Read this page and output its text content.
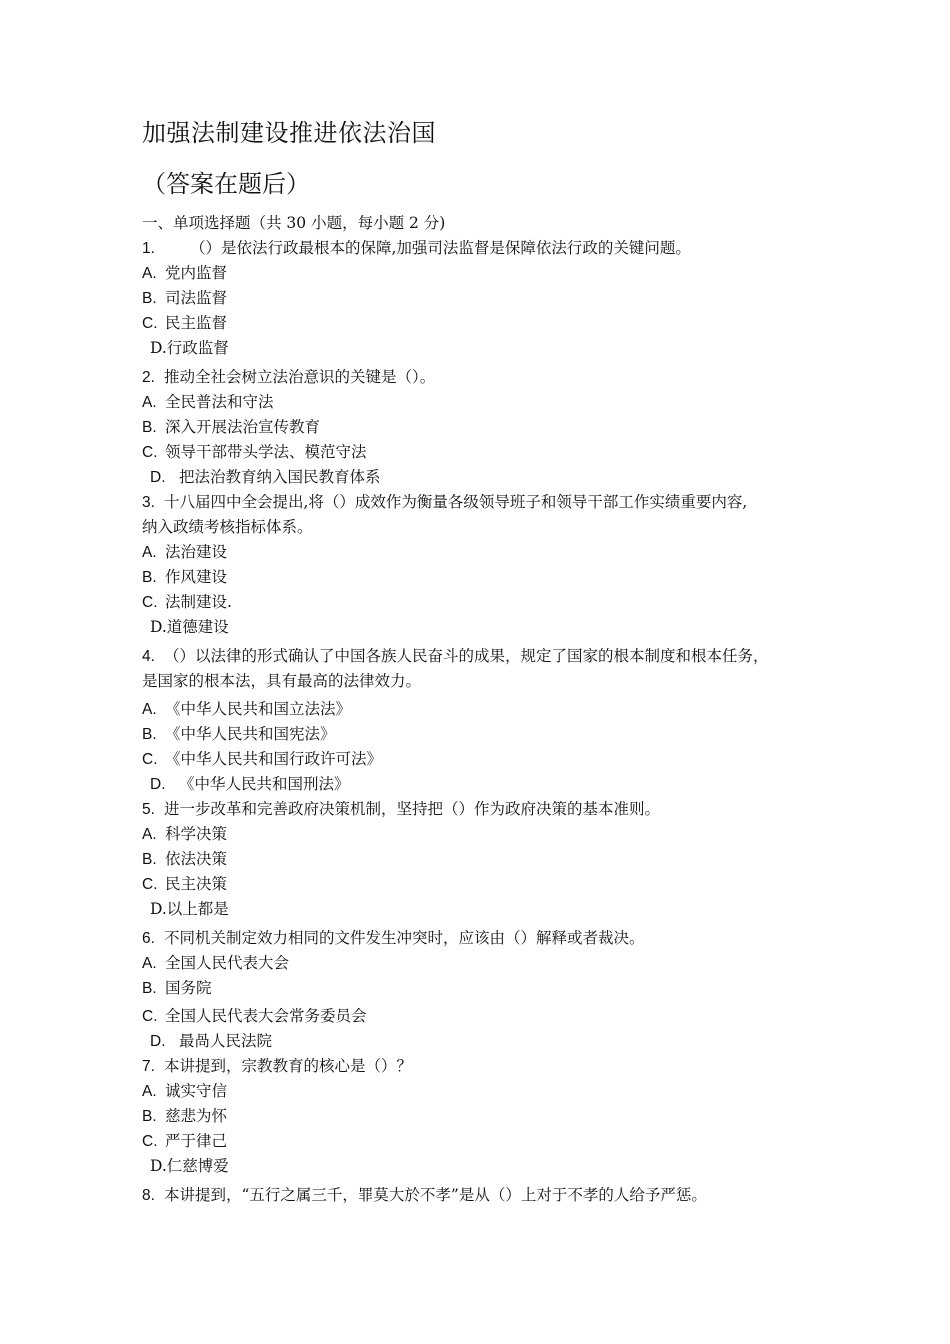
加强法制建设推进依法治国
（答案在题后）
一、单项选择题（共 30 小题，每小题 2 分)
1. （）是依法行政最根本的保障,加强司法监督是保障依法行政的关键问题。
A. 党内监督
B. 司法监督
C. 民主监督
D.行政监督
2. 推动全社会树立法治意识的关键是（）。
A. 全民普法和守法
B. 深入开展法治宣传教育
C. 领导干部带头学法、模范守法
D. 把法治教育纳入国民教育体系
3. 十八届四中全会提出,将（）成效作为衡量各级领导班子和领导干部工作实绩重要内容,
纳入政绩考核指标体系。
A. 法治建设
B. 作风建设
C. 法制建设.
D.道德建设
4. （）以法律的形式确认了中国各族人民奋斗的成果，规定了国家的根本制度和根本任务，
是国家的根本法，具有最高的法律效力。
A. 《中华人民共和国立法法》
B. 《中华人民共和国宪法》
C. 《中华人民共和国行政许可法》
D. 《中华人民共和国刑法》
5. 进一步改革和完善政府决策机制，坚持把（）作为政府决策的基本准则。
A. 科学决策
B. 依法决策
C. 民主决策
D.以上都是
6. 不同机关制定效力相同的文件发生冲突时，应该由（）解释或者裁决。
A. 全国人民代表大会
B. 国务院
C. 全国人民代表大会常务委员会
D. 最咼人民法院
7. 本讲提到，宗教教育的核心是（）？
A. 诚实守信
B. 慈悲为怀
C. 严于律己
D.仁慈博爱
8. 本讲提到，“五行之属三千，罪莫大於不孝”是从（）上对于不孝的人给予严惩。
